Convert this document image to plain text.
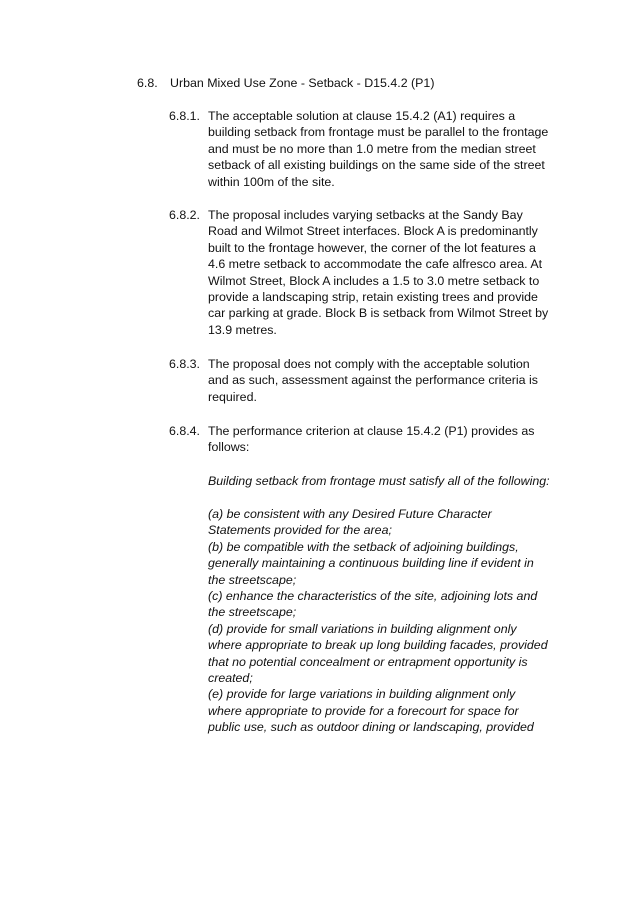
6.8. Urban Mixed Use Zone - Setback - D15.4.2 (P1)
6.8.1. The acceptable solution at clause 15.4.2 (A1) requires a
building setback from frontage must be parallel to the frontage
and must be no more than 1.0 metre from the median street
setback of all existing buildings on the same side of the street
within 100m of the site.
6.8.2. The proposal includes varying setbacks at the Sandy Bay
Road and Wilmot Street interfaces. Block A is predominantly
built to the frontage however, the corner of the lot features a
4.6 metre setback to accommodate the cafe alfresco area. At
Wilmot Street, Block A includes a 1.5 to 3.0 metre setback to
provide a landscaping strip, retain existing trees and provide
car parking at grade. Block B is setback from Wilmot Street by
13.9 metres.
6.8.3. The proposal does not comply with the acceptable solution
and as such, assessment against the performance criteria is
required.
6.8.4. The performance criterion at clause 15.4.2 (P1) provides as
follows:
Building setback from frontage must satisfy all of the following:
(a) be consistent with any Desired Future Character
Statements provided for the area;
(b) be compatible with the setback of adjoining buildings,
generally maintaining a continuous building line if evident in
the streetscape;
(c) enhance the characteristics of the site, adjoining lots and
the streetscape;
(d) provide for small variations in building alignment only
where appropriate to break up long building facades, provided
that no potential concealment or entrapment opportunity is
created;
(e) provide for large variations in building alignment only
where appropriate to provide for a forecourt for space for
public use, such as outdoor dining or landscaping, provided
